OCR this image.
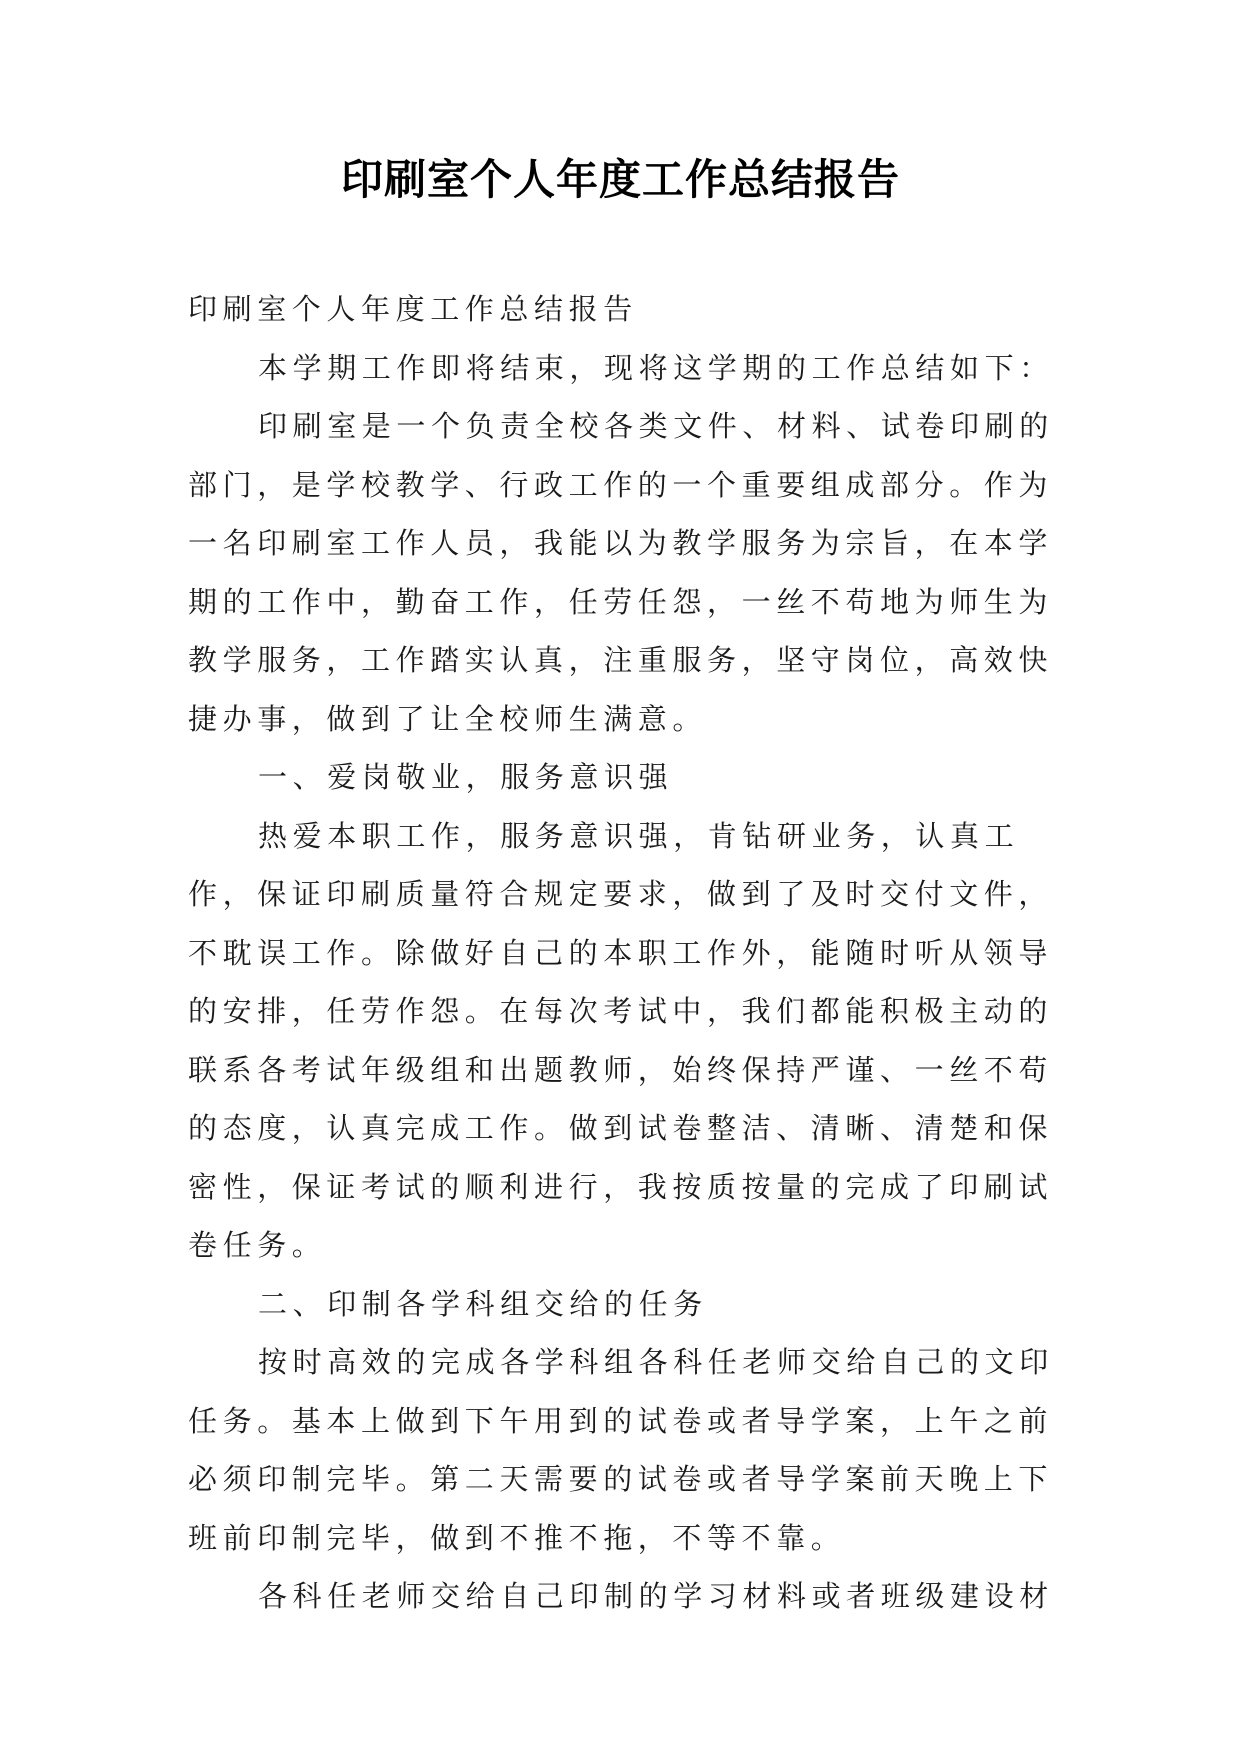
印刷室个人年度工作总结报告

印刷室个人年度工作总结报告

本学期工作即将结束，现将这学期的工作总结如下：

印刷室是一个负责全校各类文件、材料、试卷印刷的部门，是学校教学、行政工作的一个重要组成部分。作为一名印刷室工作人员，我能以为教学服务为宗旨，在本学期的工作中，勤奋工作，任劳任怨，一丝不苟地为师生为教学服务，工作踏实认真，注重服务，坚守岗位，高效快捷办事，做到了让全校师生满意。

一、爱岗敬业，服务意识强

热爱本职工作，服务意识强，肯钻研业务，认真工作，保证印刷质量符合规定要求，做到了及时交付文件，不耽误工作。除做好自己的本职工作外，能随时听从领导的安排，任劳作怨。在每次考试中，我们都能积极主动的联系各考试年级组和出题教师，始终保持严谨、一丝不苟的态度，认真完成工作。做到试卷整洁、清晰、清楚和保密性，保证考试的顺利进行，我按质按量的完成了印刷试卷任务。

二、印制各学科组交给的任务

按时高效的完成各学科组各科任老师交给自己的文印任务。基本上做到下午用到的试卷或者导学案，上午之前必须印制完毕。第二天需要的试卷或者导学案前天晚上下班前印制完毕，做到不推不拖，不等不靠。

各科任老师交给自己印制的学习材料或者班级建设材
